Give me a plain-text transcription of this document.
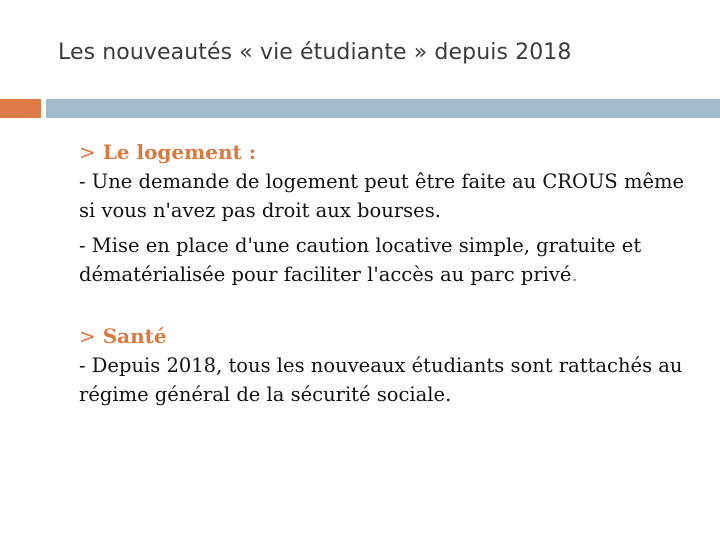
Les nouveautés « vie étudiante » depuis 2018

> Le logement :

- Une demande de logement peut être faite au CROUS même si vous n'avez pas droit aux bourses.

- Mise en place d'une caution locative simple, gratuite et dématérialisée pour faciliter l'accès au parc privé.

> Santé

- Depuis 2018, tous les nouveaux étudiants sont rattachés au régime général de la sécurité sociale.
